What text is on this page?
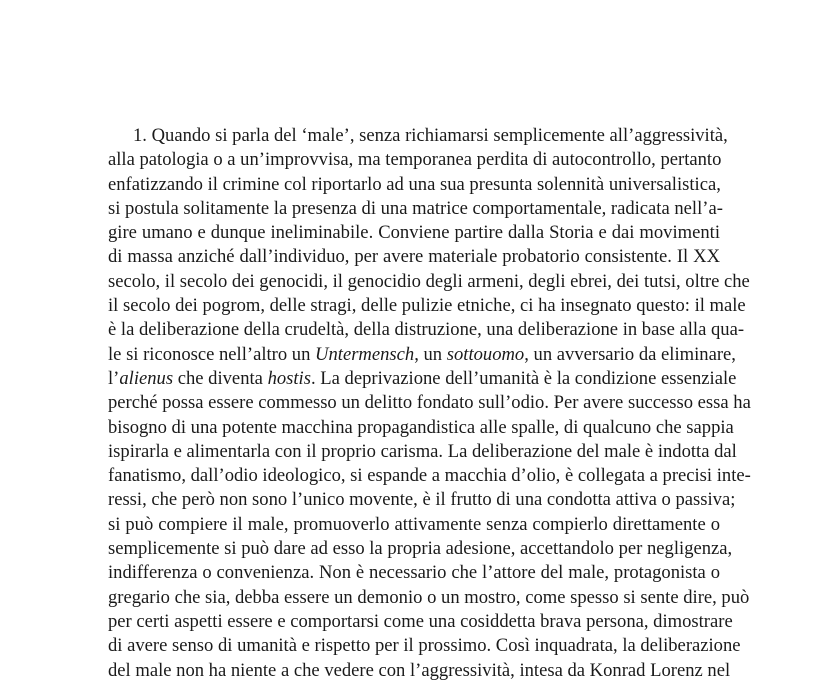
1. Quando si parla del ‘male’, senza richiamarsi semplicemente all’aggressività,
alla patologia o a un’improvvisa, ma temporanea perdita di autocontrollo, pertanto
enfatizzando il crimine col riportarlo ad una sua presunta solennità universalistica,
si postula solitamente la presenza di una matrice comportamentale, radicata nell’a-
gire umano e dunque ineliminabile. Conviene partire dalla Storia e dai movimenti
di massa anziché dall’individuo, per avere materiale probatorio consistente. Il XX
secolo, il secolo dei genocidi, il genocidio degli armeni, degli ebrei, dei tutsi, oltre che
il secolo dei pogrom, delle stragi, delle pulizie etniche, ci ha insegnato questo: il male
è la deliberazione della crudeltà, della distruzione, una deliberazione in base alla qua-
le si riconosce nell’altro un Untermensch, un sottouomo, un avversario da eliminare,
l’alienus che diventa hostis. La deprivazione dell’umanità è la condizione essenziale
perché possa essere commesso un delitto fondato sull’odio. Per avere successo essa ha
bisogno di una potente macchina propagandistica alle spalle, di qualcuno che sappia
ispirarla e alimentarla con il proprio carisma. La deliberazione del male è indotta dal
fanatismo, dall’odio ideologico, si espande a macchia d’olio, è collegata a precisi inte-
ressi, che però non sono l’unico movente, è il frutto di una condotta attiva o passiva;
si può compiere il male, promuoverlo attivamente senza compierlo direttamente o
semplicemente si può dare ad esso la propria adesione, accettandolo per negligenza,
indifferenza o convenienza. Non è necessario che l’attore del male, protagonista o
gregario che sia, debba essere un demonio o un mostro, come spesso si sente dire, può
per certi aspetti essere e comportarsi come una cosiddetta brava persona, dimostrare
di avere senso di umanità e rispetto per il prossimo. Così inquadrata, la deliberazione
del male non ha niente a che vedere con l’aggressività, intesa da Konrad Lorenz nel
